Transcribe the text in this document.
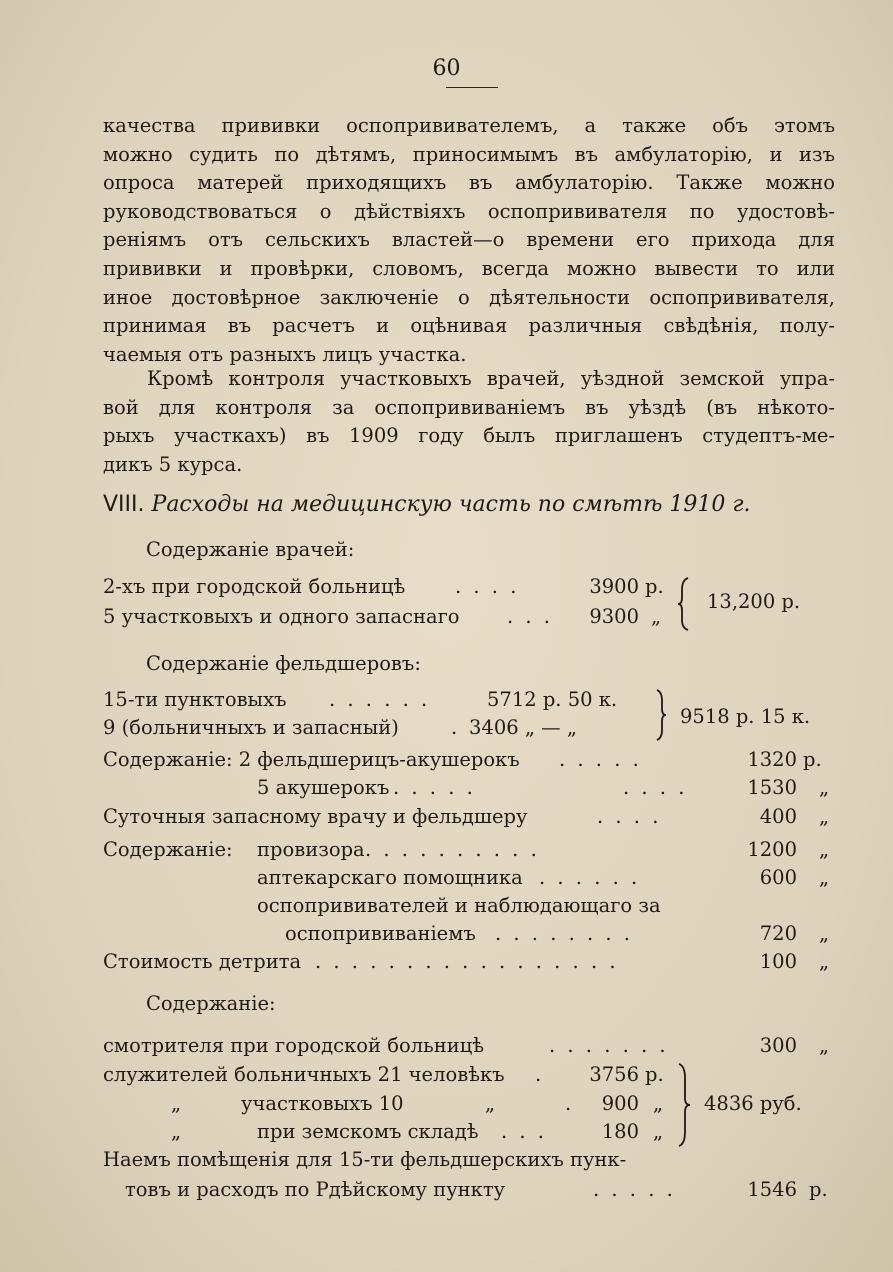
60
качества прививки оспопрививателемъ, а также объ этомъ
можно судить по дѣтямъ, приносимымъ въ амбулаторію, и изъ
опроса матерей приходящихъ въ амбулаторію. Также можно
руководствоваться о дѣйствіяхъ оспопрививателя по удостовѣ-
реніямъ отъ сельскихъ властей—о времени его прихода для
прививки и провѣрки, словомъ, всегда можно вывести то или
иное достовѣрное заключеніе о дѣятельности оспопрививателя,
принимая въ расчетъ и оцѣнивая различныя свѣдѣнія, полу-
чаемыя отъ разныхъ лицъ участка.
Кромѣ контроля участковыхъ врачей, уѣздной земской упра-
вой для контроля за оспопрививаніемъ въ уѣздѣ (въ нѣкото-
рыхъ участкахъ) въ 1909 году былъ приглашенъ студептъ-ме-
дикъ 5 курса.
VIII. Расходы на медицинскую часть по смѣтѣ 1910 г.
Содержаніе врачей:
2-хъ при городской больницѣ	. . . .	3900 р.
5 участковыхъ и одного запаснаго . . .	9300 „
13,200 р.
Содержаніе фельдшеровъ:
15-ти пунктовыхъ . . . . . .	5712 р. 50 к.
9 (больничныхъ и запасный)	. 3406 „ — „	9518 р. 15 к.
Содержаніе: 2 фельдшерицъ-акушерокъ . . . . .	1320 р.
5 акушерокъ . . . . .	. . . .	1530 „
Суточныя запасному врачу и фельдшеру	. . . .	400 „
Содержаніе: провизора . . . . . . . . . .	1200 „
аптекарскаго помощника . . . . . .	600 „
оспопрививателей и наблюдающаго за
оспопрививаніемъ . . . . . . . .	720 „
Стоимость детрита . . . . . . . . . . . . . . . . .	100 „
Содержаніе:
смотрителя при городской больницѣ	. . . . . . .	300 „
служителей больничныхъ 21 человѣкъ .	3756 р.
„	участковыхъ 10	„	.	900 „
„	при земскомъ складѣ . . .	180 „
4836 руб.
Наемъ помѣщенія для 15-ти фельдшерскихъ пунк-
товъ и расходъ по Рдѣйскому пункту	. . . . .	1546 р.
